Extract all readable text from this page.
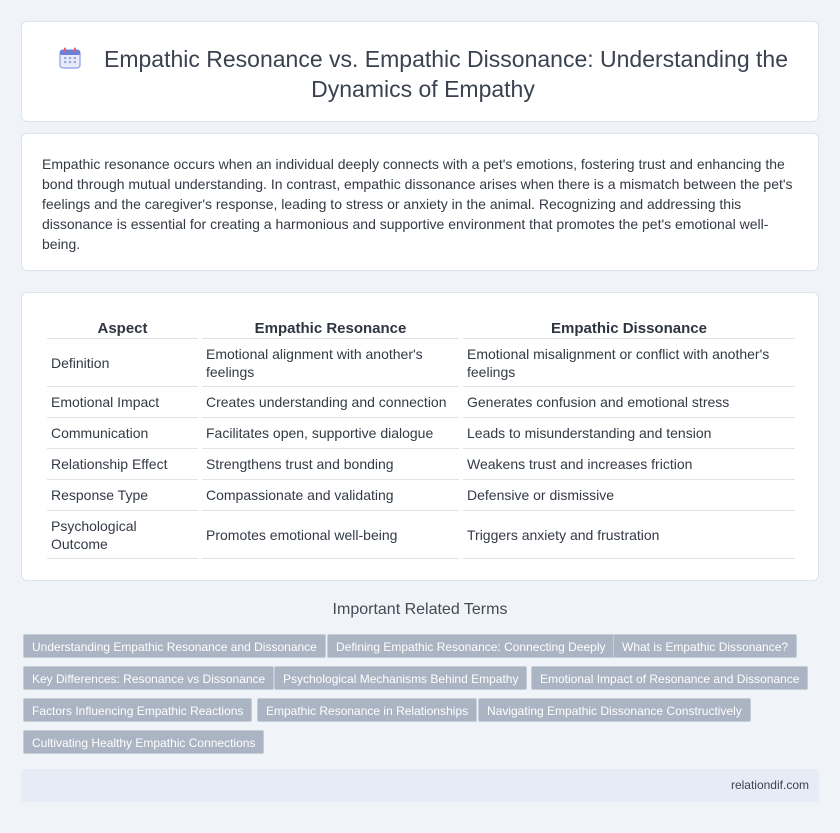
Empathic Resonance vs. Empathic Dissonance: Understanding the Dynamics of Empathy

Empathic resonance occurs when an individual deeply connects with a pet's emotions, fostering trust and enhancing the bond through mutual understanding. In contrast, empathic dissonance arises when there is a mismatch between the pet's feelings and the caregiver's response, leading to stress or anxiety in the animal. Recognizing and addressing this dissonance is essential for creating a harmonious and supportive environment that promotes the pet's emotional well-being.

Aspect	Empathic Resonance	Empathic Dissonance
Definition	Emotional alignment with another's feelings	Emotional misalignment or conflict with another's feelings
Emotional Impact	Creates understanding and connection	Generates confusion and emotional stress
Communication	Facilitates open, supportive dialogue	Leads to misunderstanding and tension
Relationship Effect	Strengthens trust and bonding	Weakens trust and increases friction
Response Type	Compassionate and validating	Defensive or dismissive
Psychological Outcome	Promotes emotional well-being	Triggers anxiety and frustration
Important Related Terms
Understanding Empathic Resonance and Dissonance	Defining Empathic Resonance: Connecting Deeply	What is Empathic Dissonance?
Key Differences: Resonance vs Dissonance	Psychological Mechanisms Behind Empathy	Emotional Impact of Resonance and Dissonance
Factors Influencing Empathic Reactions	Empathic Resonance in Relationships	Navigating Empathic Dissonance Constructively
Cultivating Healthy Empathic Connections
relationdif.com
